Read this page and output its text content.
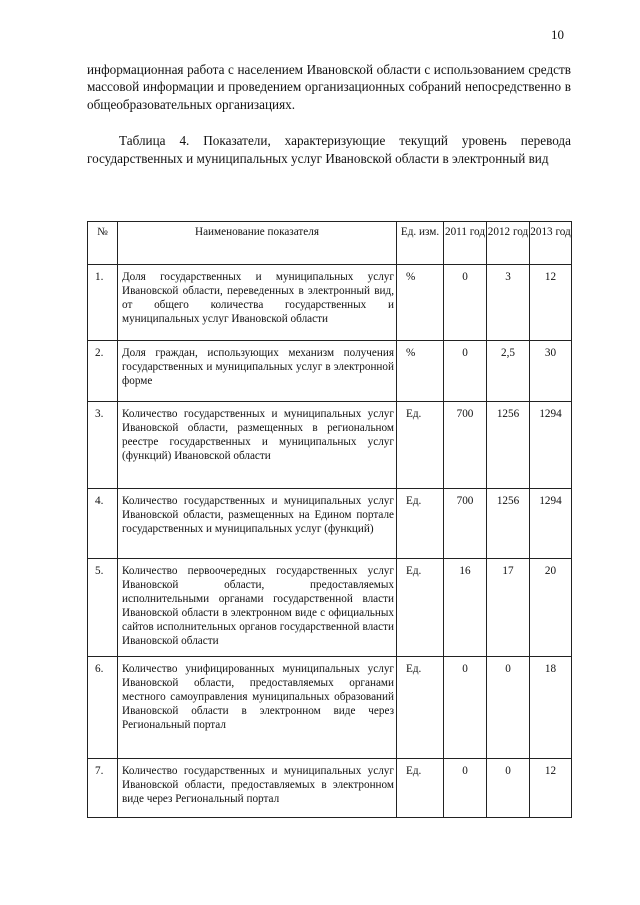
10
информационная работа с населением Ивановской области с использованием средств массовой информации и проведением организационных собраний непосредственно в общеобразовательных организациях.
Таблица 4. Показатели, характеризующие текущий уровень перевода государственных и муниципальных услуг Ивановской области в электронный вид
№	Наименование показателя	Ед. изм.	2011 год	2012 год	2013 год
1.	Доля государственных и муниципальных услуг Ивановской области, переведенных в электронный вид, от общего количества государственных и муниципальных услуг Ивановской области	%	0	3	12
2.	Доля граждан, использующих механизм получения государственных и муниципальных услуг в электронной форме	%	0	2,5	30
3.	Количество государственных и муниципальных услуг Ивановской области, размещенных в региональном реестре государственных и муниципальных услуг (функций) Ивановской области	Ед.	700	1256	1294
4.	Количество государственных и муниципальных услуг Ивановской области, размещенных на Едином портале государственных и муниципальных услуг (функций)	Ед.	700	1256	1294
5.	Количество первоочередных государственных услуг Ивановской области, предоставляемых исполнительными органами государственной власти Ивановской области в электронном виде с официальных сайтов исполнительных органов государственной власти Ивановской области	Ед.	16	17	20
6.	Количество унифицированных муниципальных услуг Ивановской области, предоставляемых органами местного самоуправления муниципальных образований Ивановской области в электронном виде через Региональный портал	Ед.	0	0	18
7.	Количество государственных и муниципальных услуг Ивановской области, предоставляемых в электронном виде через Региональный портал	Ед.	0	0	12
